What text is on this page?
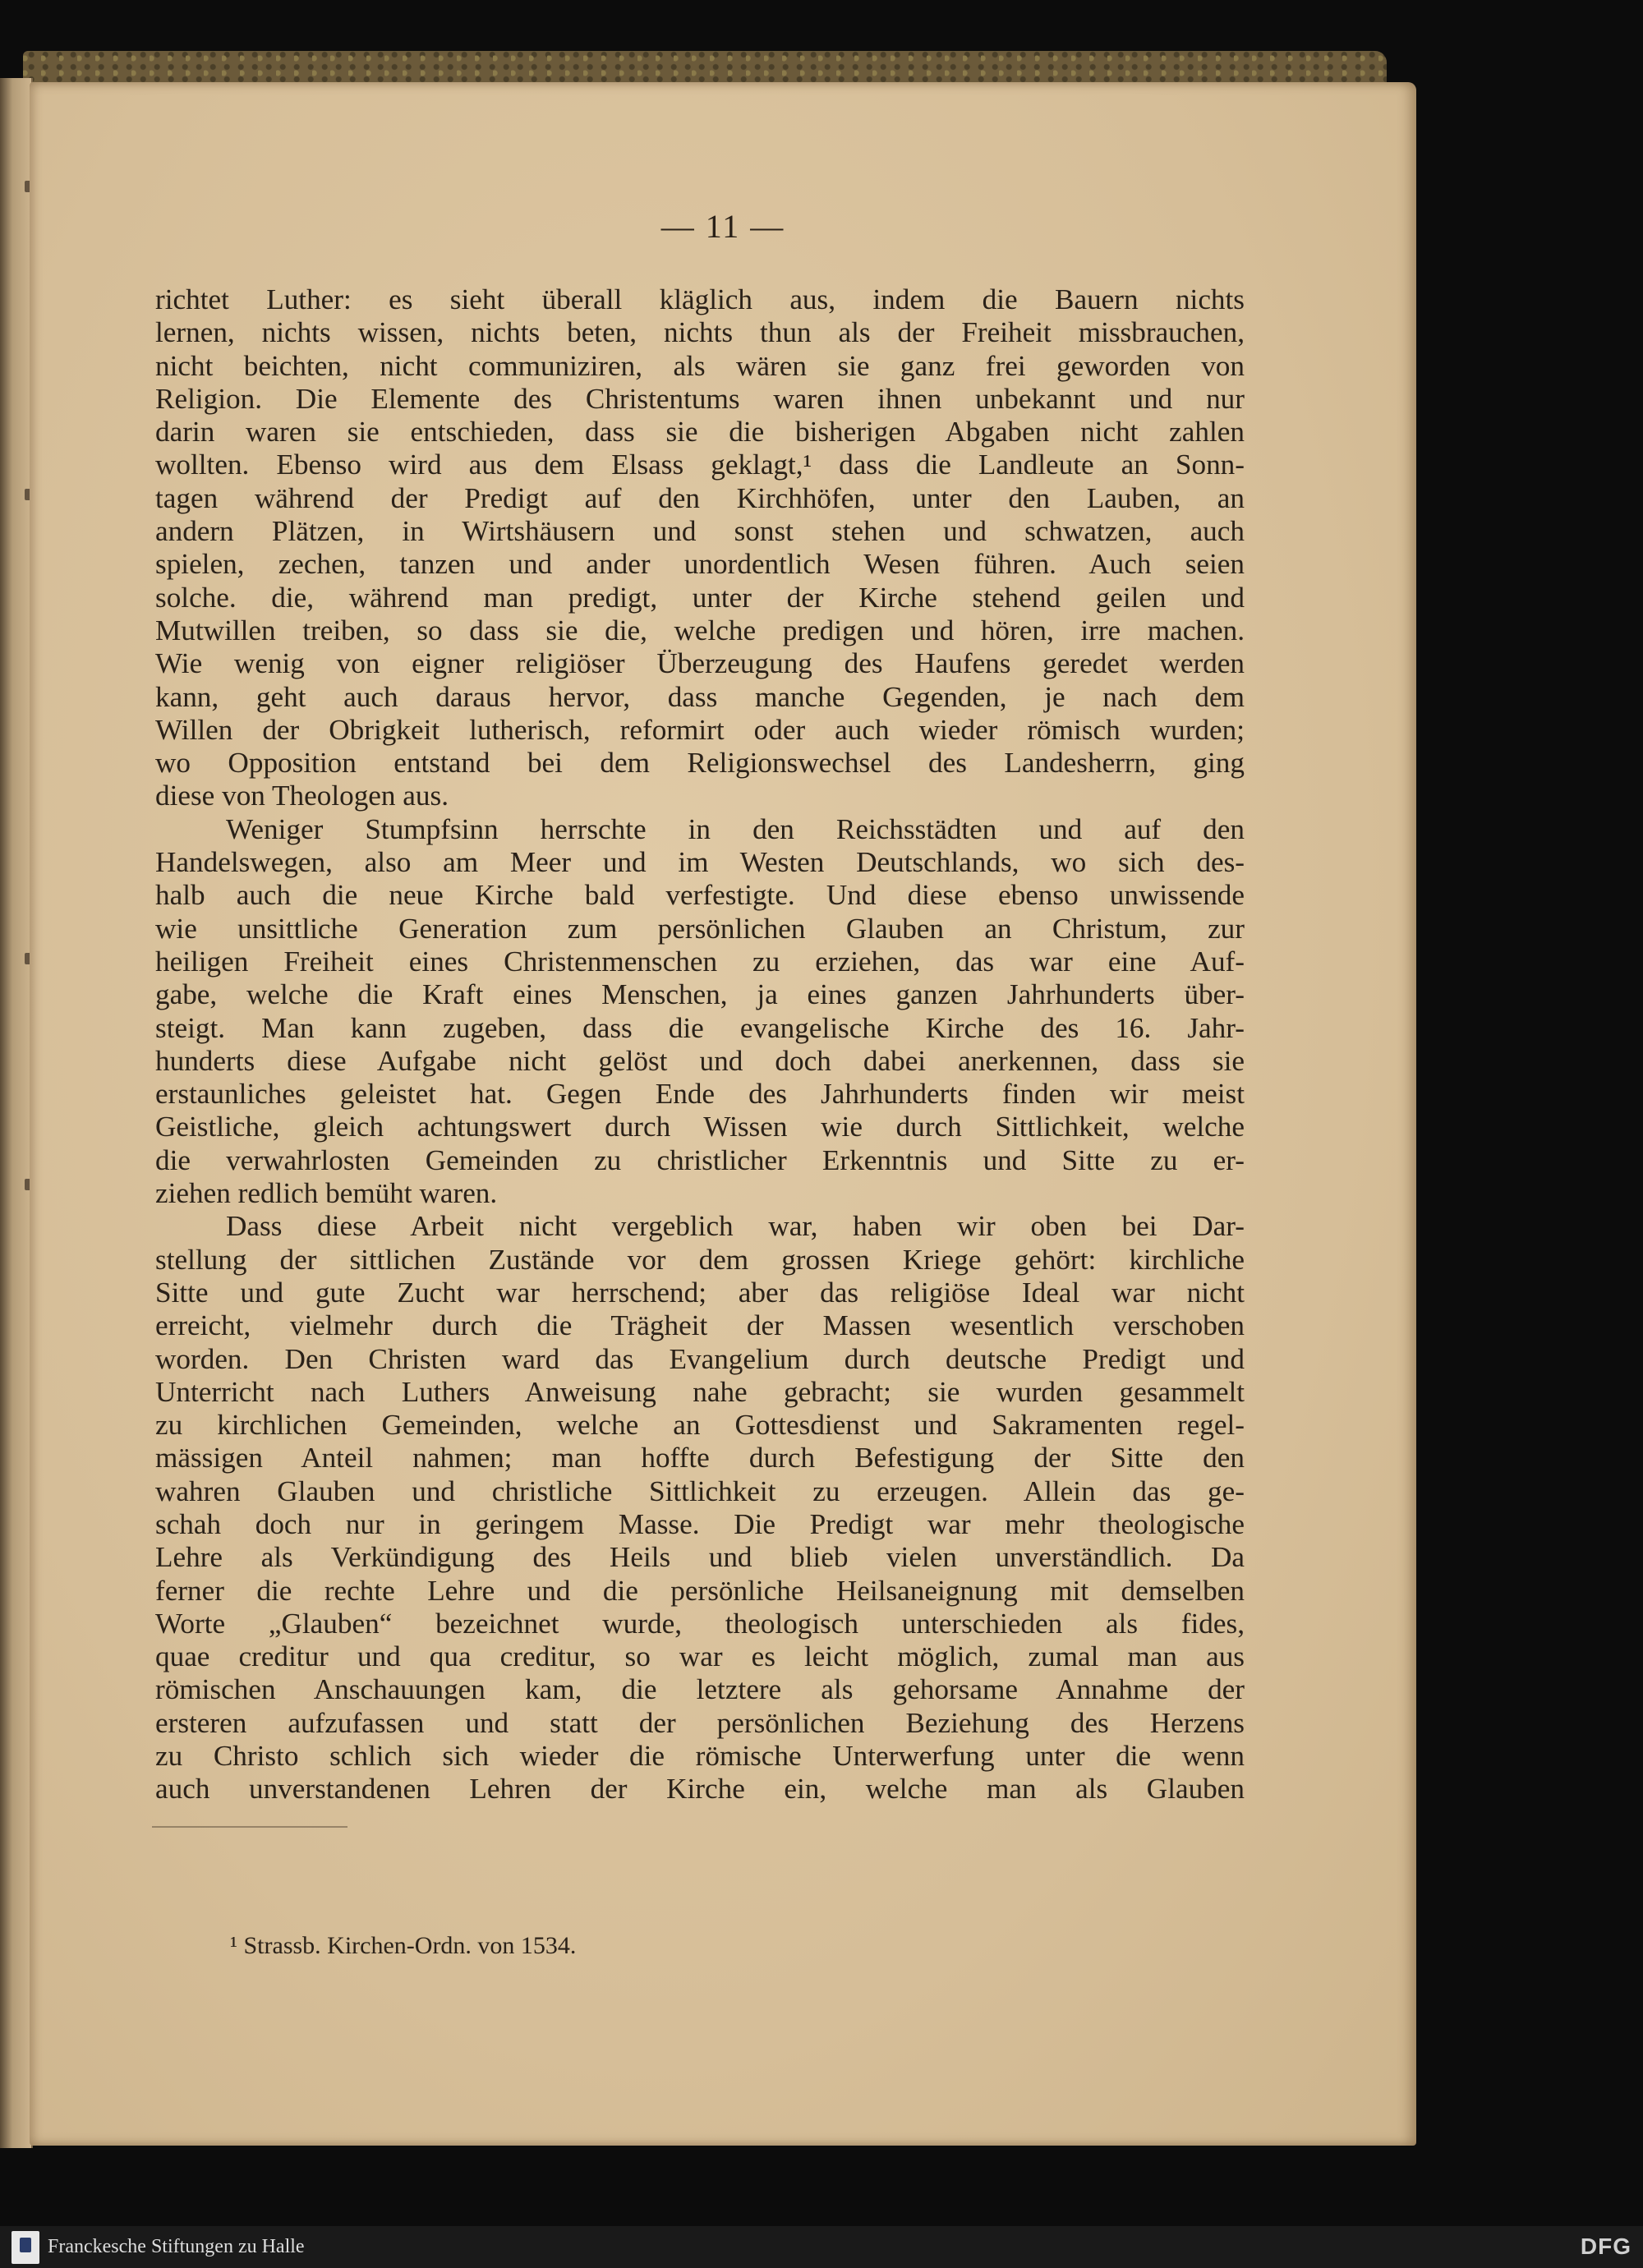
— 11 —
richtet Luther: es sieht überall kläglich aus, indem die Bauern nichts
lernen, nichts wissen, nichts beten, nichts thun als der Freiheit missbrauchen,
nicht beichten, nicht communiziren, als wären sie ganz frei geworden von
Religion. Die Elemente des Christentums waren ihnen unbekannt und nur
darin waren sie entschieden, dass sie die bisherigen Abgaben nicht zahlen
wollten. Ebenso wird aus dem Elsass geklagt,¹ dass die Landleute an Sonn-
tagen während der Predigt auf den Kirchhöfen, unter den Lauben, an
andern Plätzen, in Wirtshäusern und sonst stehen und schwatzen, auch
spielen, zechen, tanzen und ander unordentlich Wesen führen. Auch seien
solche. die, während man predigt, unter der Kirche stehend geilen und
Mutwillen treiben, so dass sie die, welche predigen und hören, irre machen.
Wie wenig von eigner religiöser Überzeugung des Haufens geredet werden
kann, geht auch daraus hervor, dass manche Gegenden, je nach dem
Willen der Obrigkeit lutherisch, reformirt oder auch wieder römisch wurden;
wo Opposition entstand bei dem Religionswechsel des Landesherrn, ging
diese von Theologen aus.
Weniger Stumpfsinn herrschte in den Reichsstädten und auf den
Handelswegen, also am Meer und im Westen Deutschlands, wo sich des-
halb auch die neue Kirche bald verfestigte. Und diese ebenso unwissende
wie unsittliche Generation zum persönlichen Glauben an Christum, zur
heiligen Freiheit eines Christenmenschen zu erziehen, das war eine Auf-
gabe, welche die Kraft eines Menschen, ja eines ganzen Jahrhunderts über-
steigt. Man kann zugeben, dass die evangelische Kirche des 16. Jahr-
hunderts diese Aufgabe nicht gelöst und doch dabei anerkennen, dass sie
erstaunliches geleistet hat. Gegen Ende des Jahrhunderts finden wir meist
Geistliche, gleich achtungswert durch Wissen wie durch Sittlichkeit, welche
die verwahrlosten Gemeinden zu christlicher Erkenntnis und Sitte zu er-
ziehen redlich bemüht waren.
Dass diese Arbeit nicht vergeblich war, haben wir oben bei Dar-
stellung der sittlichen Zustände vor dem grossen Kriege gehört: kirchliche
Sitte und gute Zucht war herrschend; aber das religiöse Ideal war nicht
erreicht, vielmehr durch die Trägheit der Massen wesentlich verschoben
worden. Den Christen ward das Evangelium durch deutsche Predigt und
Unterricht nach Luthers Anweisung nahe gebracht; sie wurden gesammelt
zu kirchlichen Gemeinden, welche an Gottesdienst und Sakramenten regel-
mässigen Anteil nahmen; man hoffte durch Befestigung der Sitte den
wahren Glauben und christliche Sittlichkeit zu erzeugen. Allein das ge-
schah doch nur in geringem Masse. Die Predigt war mehr theologische
Lehre als Verkündigung des Heils und blieb vielen unverständlich. Da
ferner die rechte Lehre und die persönliche Heilsaneignung mit demselben
Worte „Glauben“ bezeichnet wurde, theologisch unterschieden als fides,
quae creditur und qua creditur, so war es leicht möglich, zumal man aus
römischen Anschauungen kam, die letztere als gehorsame Annahme der
ersteren aufzufassen und statt der persönlichen Beziehung des Herzens
zu Christo schlich sich wieder die römische Unterwerfung unter die wenn
auch unverstandenen Lehren der Kirche ein, welche man als Glauben
¹ Strassb. Kirchen-Ordn. von 1534.
Franckesche Stiftungen zu Halle	DFG
